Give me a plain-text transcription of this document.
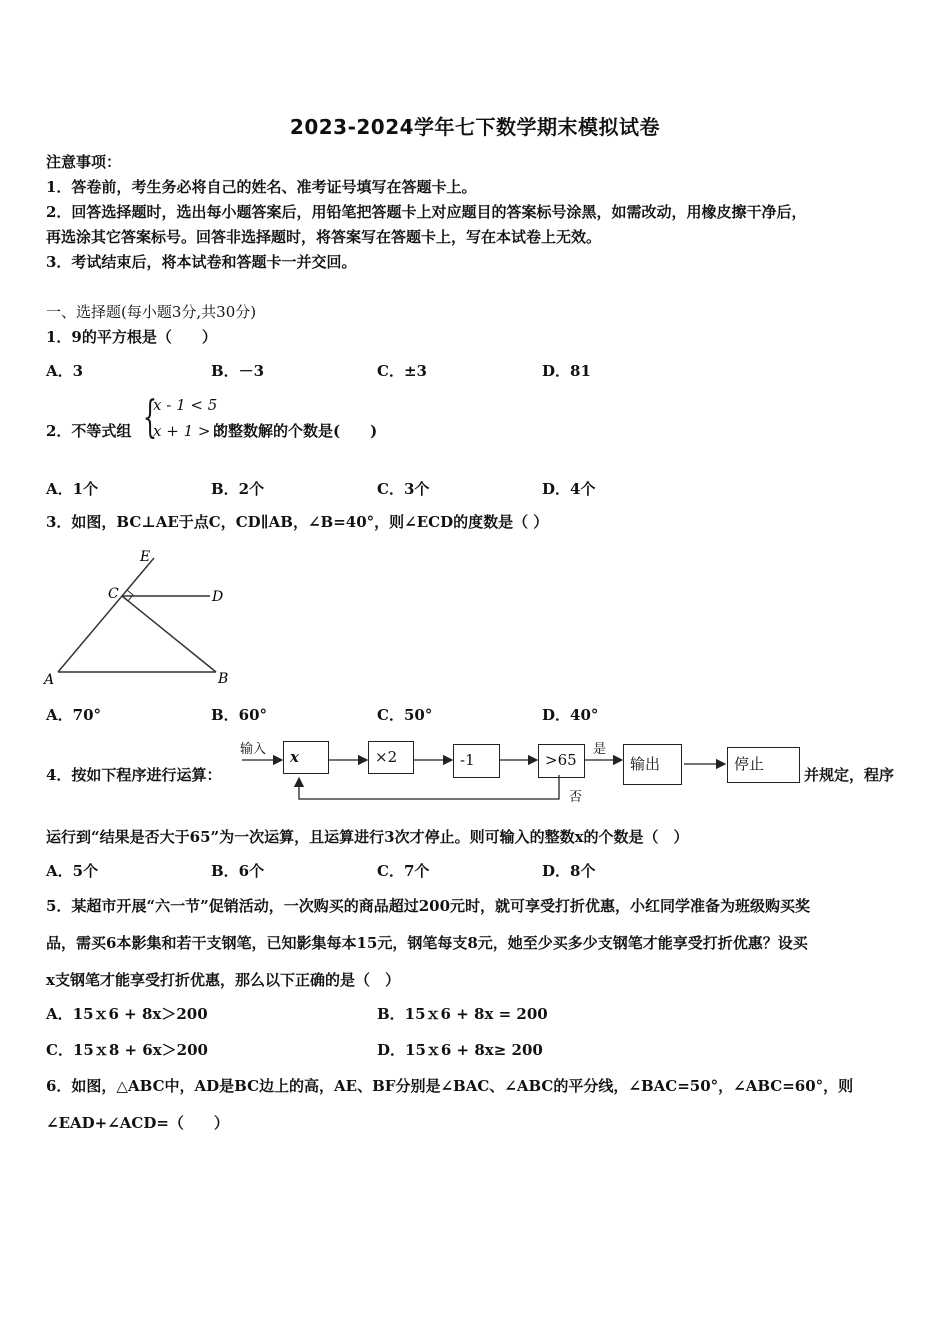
2023-2024学年七下数学期末模拟试卷
注意事项：
1．答卷前，考生务必将自己的姓名、准考证号填写在答题卡上。
2．回答选择题时，选出每小题答案后，用铅笔把答题卡上对应题目的答案标号涂黑，如需改动，用橡皮擦干净后，
再选涂其它答案标号。回答非选择题时，将答案写在答题卡上，写在本试卷上无效。
3．考试结束后，将本试卷和答题卡一并交回。
一、选择题(每小题3分,共30分)
1．9的平方根是（　　）
A．3	B．－3	C．±3	D．81
2．不等式组 {
x - 1 < 5
x + 1 > 3
的整数解的个数是(　　)
A．1个	B．2个	C．3个	D．4个
3．如图，BC⊥AE于点C，CD∥AB，∠B=40°，则∠ECD的度数是（ ）
E
C	D
A	B
A．70°	B．60°	C．50°	D．40°
4．按如下程序进行运算：
输入	x	×2	-1	>65
是
否
输出	停止
并规定，程序
运行到“结果是否大于65”为一次运算，且运算进行3次才停止。则可输入的整数x的个数是（　）
A．5个	B．6个	C．7个	D．8个
5．某超市开展“六一节”促销活动，一次购买的商品超过200元时，就可享受打折优惠，小红同学准备为班级购买奖
品，需买6本影集和若干支钢笔，已知影集每本15元，钢笔每支8元，她至少买多少支钢笔才能享受打折优惠？设买
x支钢笔才能享受打折优惠，那么以下正确的是（　）
A．15ｘ6 + 8x＞200	B．15ｘ6 + 8x = 200
C．15ｘ8 + 6x＞200	D．15ｘ6 + 8x≥ 200
6．如图，△ABC中，AD是BC边上的高，AE、BF分别是∠BAC、∠ABC的平分线，∠BAC=50°，∠ABC=60°，则
∠EAD+∠ACD=（　　）
